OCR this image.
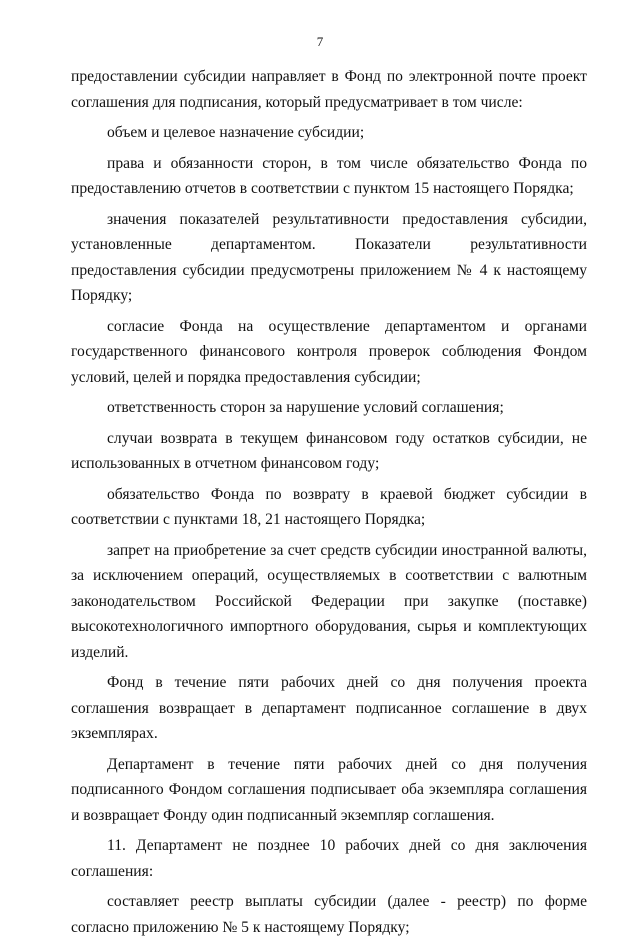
7

предоставлении субсидии направляет в Фонд по электронной почте проект соглашения для подписания, который предусматривает в том числе:

объем и целевое назначение субсидии;

права и обязанности сторон, в том числе обязательство Фонда по предоставлению отчетов в соответствии с пунктом 15 настоящего Порядка;

значения показателей результативности предоставления субсидии, установленные департаментом. Показатели результативности предоставления субсидии предусмотрены приложением № 4 к настоящему Порядку;

согласие Фонда на осуществление департаментом и органами государственного финансового контроля проверок соблюдения Фондом условий, целей и порядка предоставления субсидии;

ответственность сторон за нарушение условий соглашения;

случаи возврата в текущем финансовом году остатков субсидии, не использованных в отчетном финансовом году;

обязательство Фонда по возврату в краевой бюджет субсидии в соответствии с пунктами 18, 21 настоящего Порядка;

запрет на приобретение за счет средств субсидии иностранной валюты, за исключением операций, осуществляемых в соответствии с валютным законодательством Российской Федерации при закупке (поставке) высокотехнологичного импортного оборудования, сырья и комплектующих изделий.

Фонд в течение пяти рабочих дней со дня получения проекта соглашения возвращает в департамент подписанное соглашение в двух экземплярах.

Департамент в течение пяти рабочих дней со дня получения подписанного Фондом соглашения подписывает оба экземпляра соглашения и возвращает Фонду один подписанный экземпляр соглашения.

11. Департамент не позднее 10 рабочих дней со дня заключения соглашения:

составляет реестр выплаты субсидии (далее - реестр) по форме согласно приложению № 5 к настоящему Порядку;
